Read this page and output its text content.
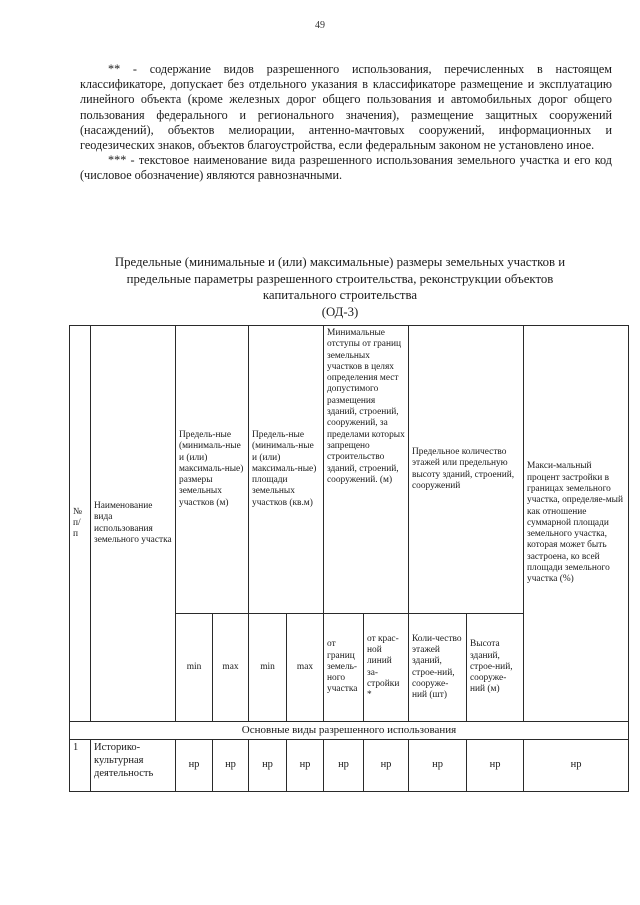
49

** - содержание видов разрешенного использования, перечисленных в настоящем классификаторе, допускает без отдельного указания в классификаторе размещение и эксплуатацию линейного объекта (кроме железных дорог общего пользования и автомобильных дорог общего пользования федерального и регионального значения), размещение защитных сооружений (насаждений), объектов мелиорации, антенно-мачтовых сооружений, информационных и геодезических знаков, объектов благоустройства, если федеральным законом не установлено иное.

*** - текстовое наименование вида разрешенного использования земельного участка и его код (числовое обозначение) являются равнозначными.

Предельные (минимальные и (или) максимальные) размеры земельных участков и
предельные параметры разрешенного строительства, реконструкции объектов
капитального строительства
(ОД-3)
№ п/ п	Наименование вида использования земельного участка	Предель-ные (минималь-ные и (или) максималь-ные) размеры земельных участков (м)		Предель-ные (минималь-ные и (или) максималь-ные) площади земельных участков (кв.м)		Минимальные отступы от границ земельных участков в целях определения мест допустимого размещения зданий, строений, сооружений, за пределами которых запрещено строительство зданий, строений, сооружений. (м)		Предельное количество этажей или предельную высоту зданий, строений, сооружений		Макси-мальный процент застройки в границах земельного участка, определяе-мый как отношение суммарной площади земельного участка, которая может быть застроена, ко всей площади земельного участка (%)
		min	max	min	max	от границ земель-ного участка	от крас-ной линий за-стройки *	Коли-чество этажей зданий, строе-ний, сооруже-ний (шт)	Высота зданий, строе-ний, сооруже-ний (м)	
Основные виды разрешенного использования										
1	Историко-культурная деятельность	нр	нр	нр	нр	нр	нр	нр	нр	нр
